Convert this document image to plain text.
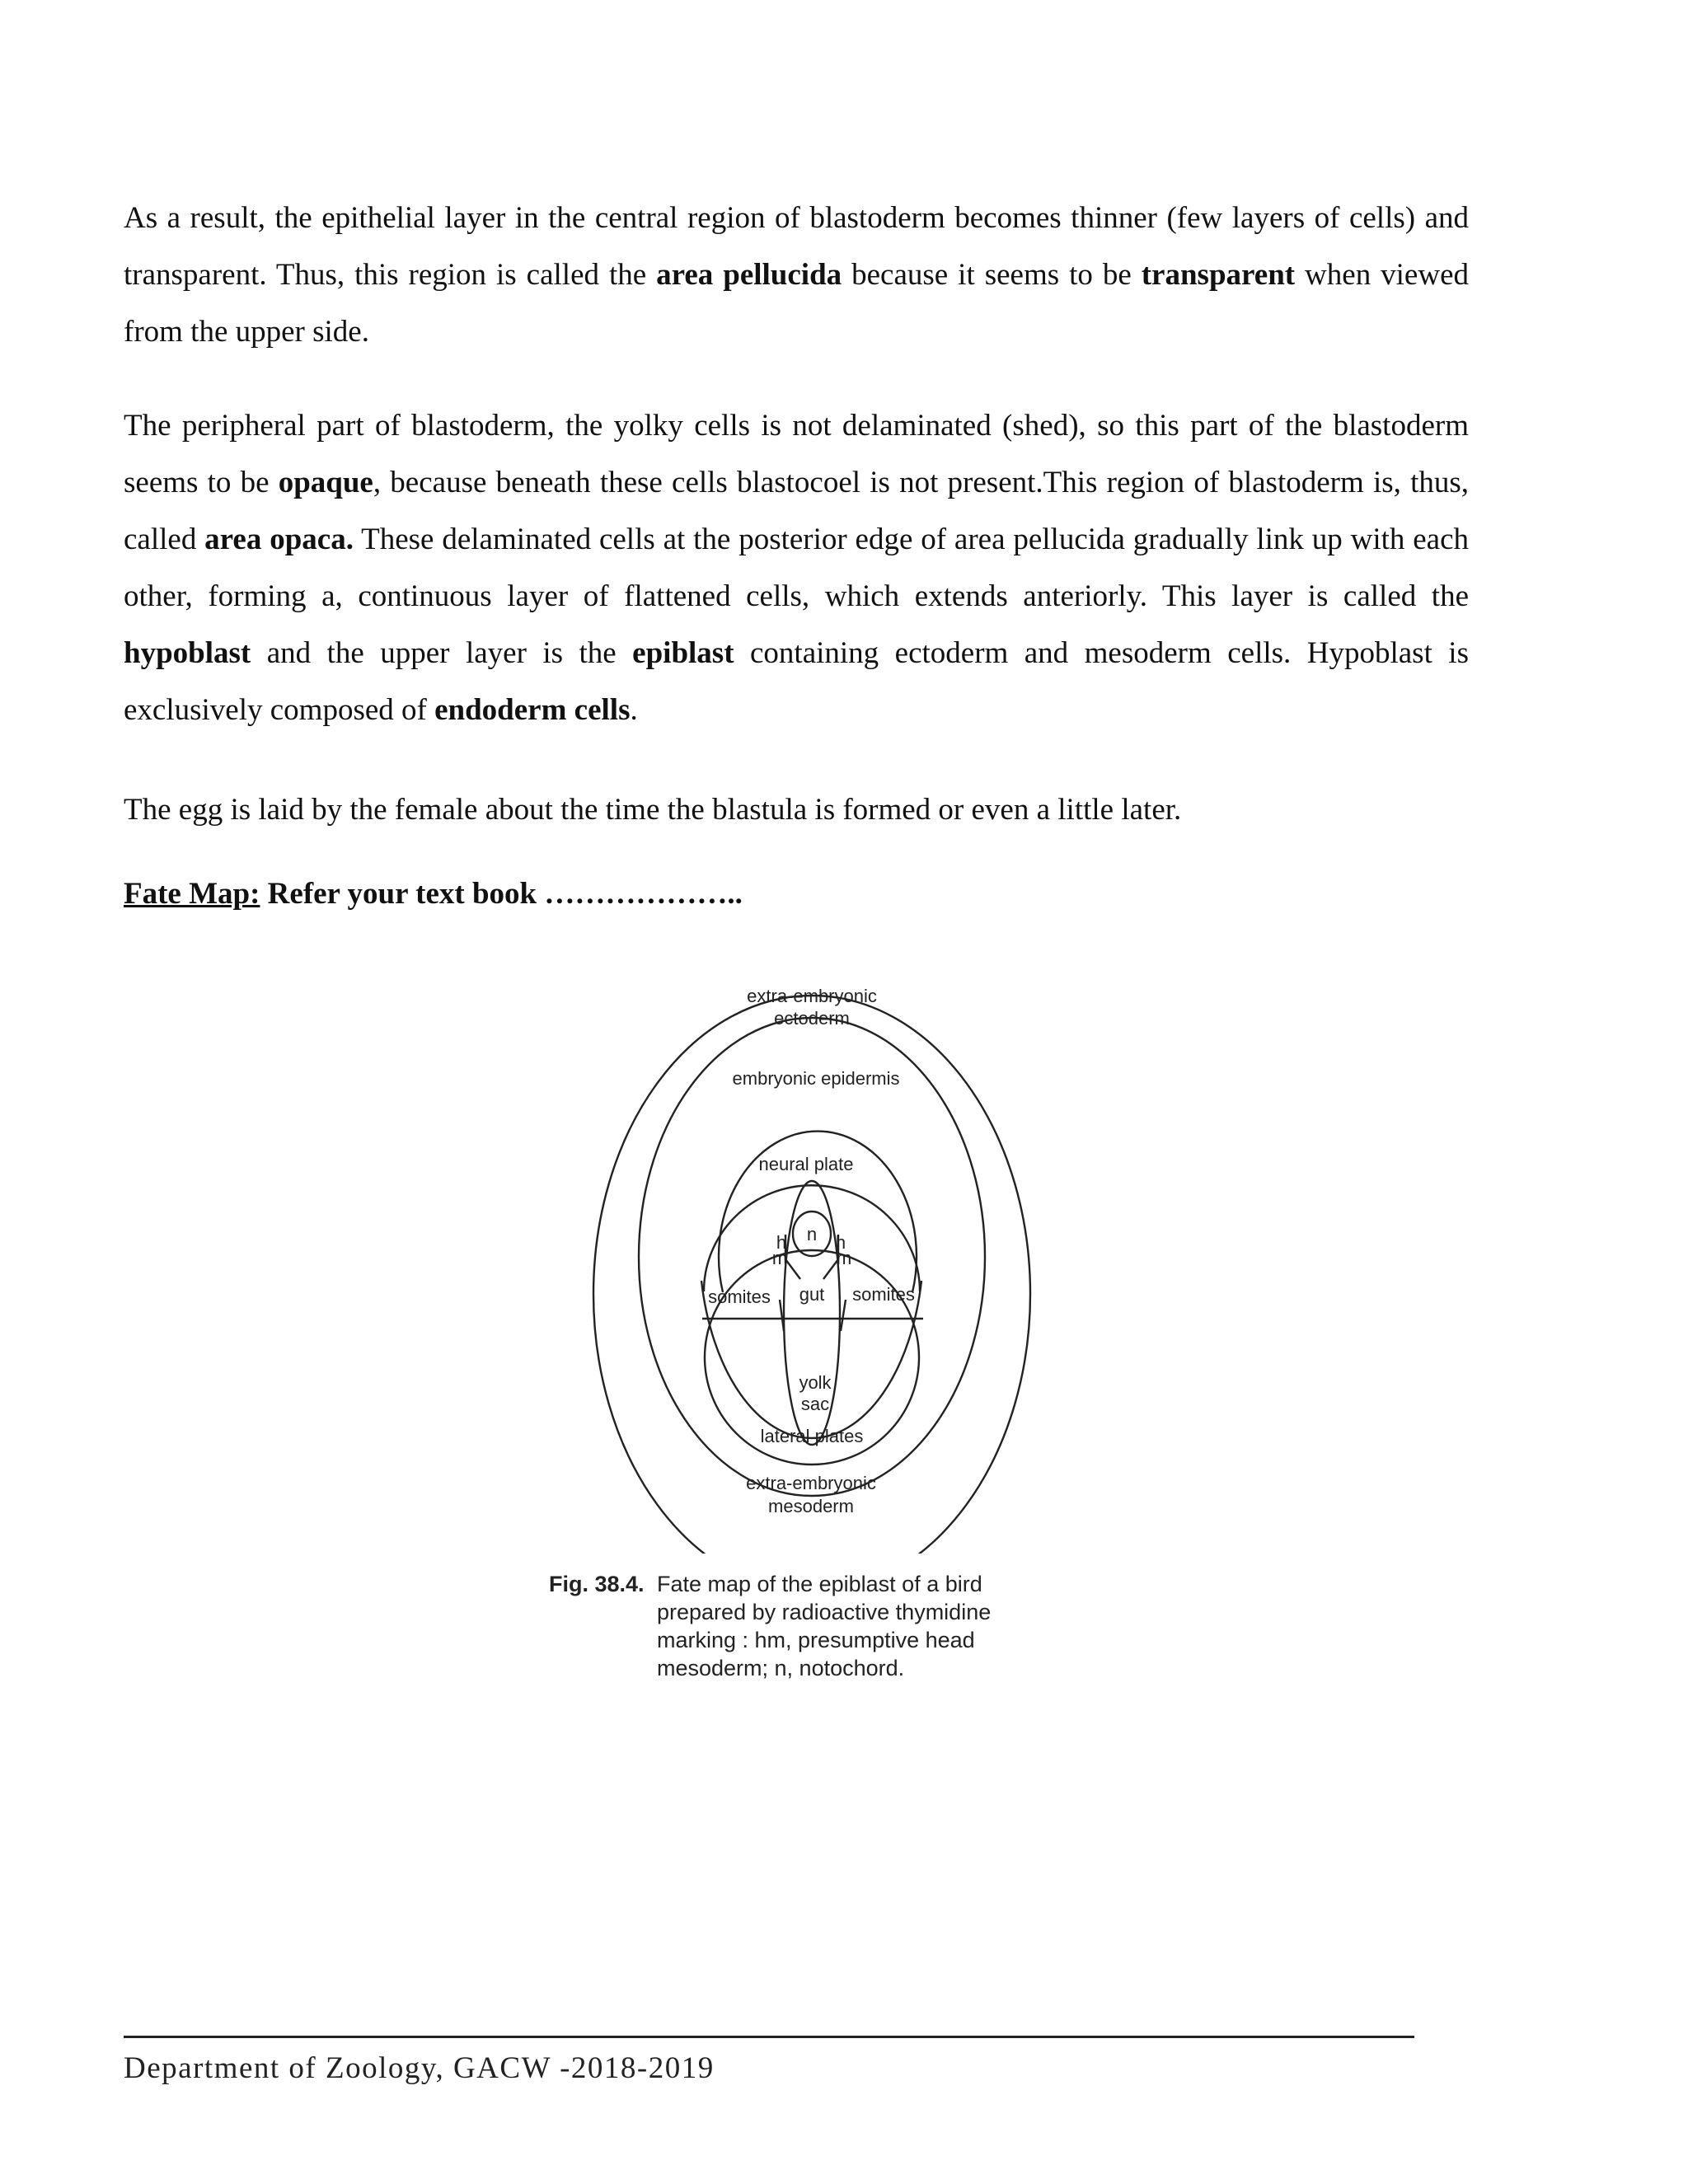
As a result, the epithelial layer in the central region of blastoderm becomes thinner (few layers of cells) and transparent. Thus, this region is called the area pellucida because it seems to be transparent when viewed from the upper side.

The peripheral part of blastoderm, the yolky cells is not delaminated (shed), so this part of the blastoderm seems to be opaque, because beneath these cells blastocoel is not present.This region of blastoderm is, thus, called area opaca. These delaminated cells at the posterior edge of area pellucida gradually link up with each other, forming a, continuous layer of flattened cells, which extends anteriorly. This layer is called the hypoblast and the upper layer is the epiblast containing ectoderm and mesoderm cells. Hypoblast is exclusively composed of endoderm cells.

The egg is laid by the female about the time the blastula is formed or even a little later.

Fate Map: Refer your text book ………………..

extra-embryonic
ectoderm
embryonic epidermis
neural plate
h
m
n h
m
somites gut somites
yolk
sac
lateral plates
extra-embryonic
mesoderm
Fig. 38.4. Fate map of the epiblast of a bird prepared by radioactive thymidine marking : hm, presumptive head mesoderm; n, notochord.
Department of Zoology, GACW -2018-2019
